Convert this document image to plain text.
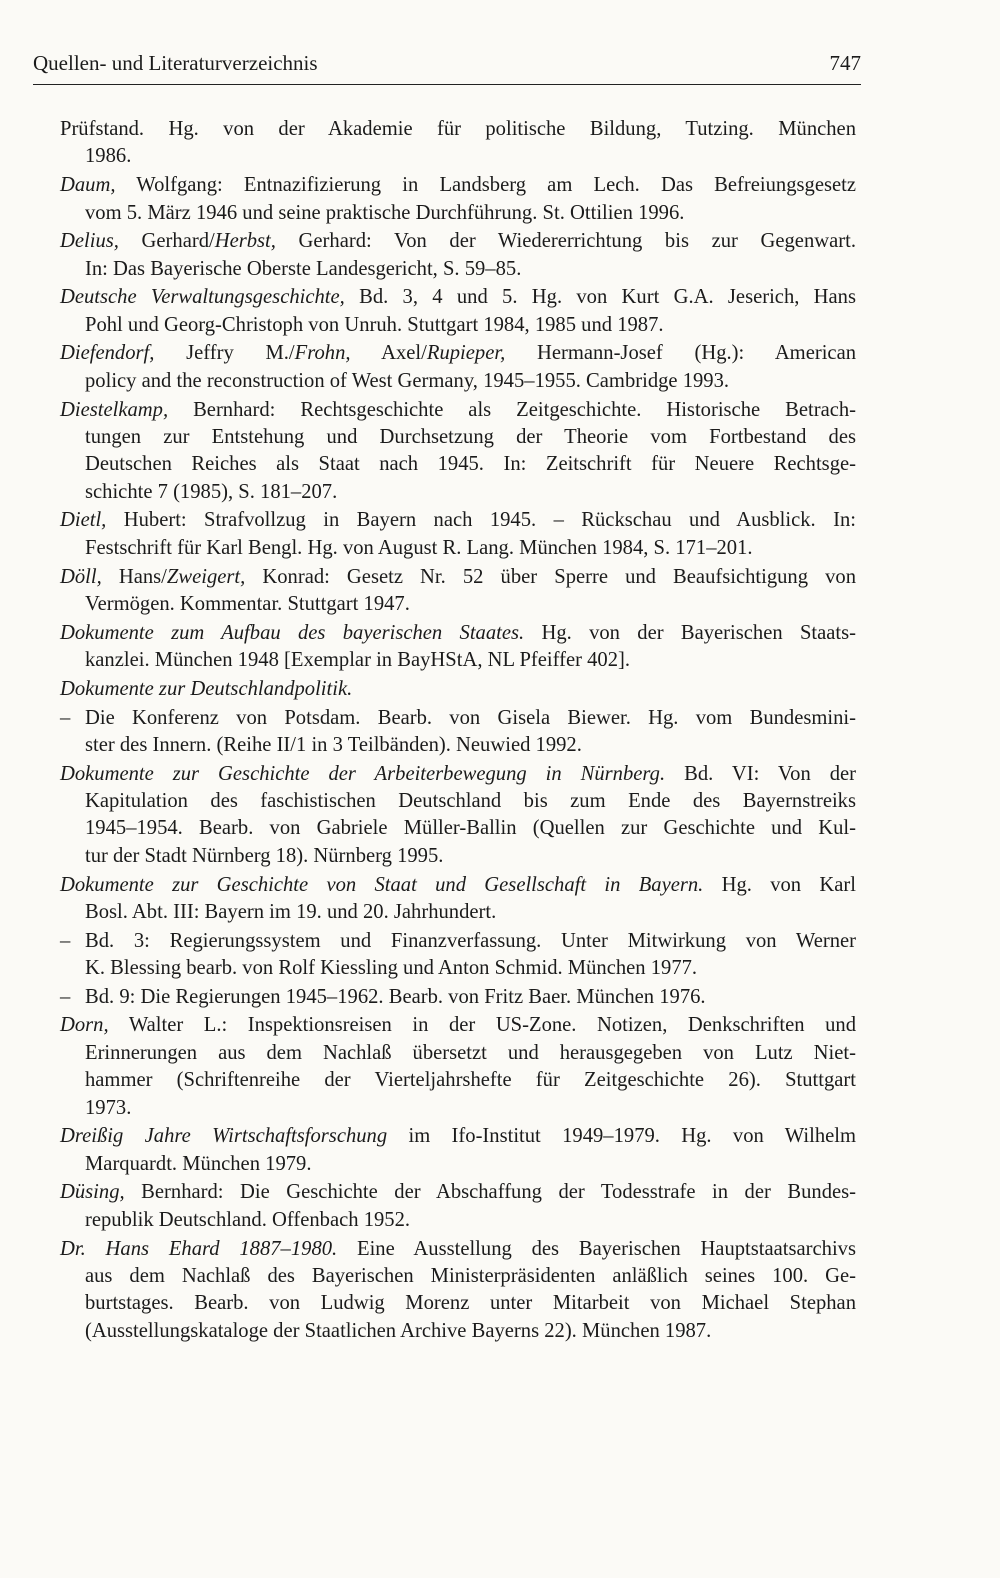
Quellen- und Literaturverzeichnis	747
Prüfstand. Hg. von der Akademie für politische Bildung, Tutzing. München
1986.
Daum, Wolfgang: Entnazifizierung in Landsberg am Lech. Das Befreiungsgesetz
vom 5. März 1946 und seine praktische Durchführung. St. Ottilien 1996.
Delius, Gerhard/Herbst, Gerhard: Von der Wiedererrichtung bis zur Gegenwart.
In: Das Bayerische Oberste Landesgericht, S. 59–85.
Deutsche Verwaltungsgeschichte, Bd. 3, 4 und 5. Hg. von Kurt G.A. Jeserich, Hans
Pohl und Georg-Christoph von Unruh. Stuttgart 1984, 1985 und 1987.
Diefendorf, Jeffry M./Frohn, Axel/Rupieper, Hermann-Josef (Hg.): American
policy and the reconstruction of West Germany, 1945–1955. Cambridge 1993.
Diestelkamp, Bernhard: Rechtsgeschichte als Zeitgeschichte. Historische Betrach-
tungen zur Entstehung und Durchsetzung der Theorie vom Fortbestand des
Deutschen Reiches als Staat nach 1945. In: Zeitschrift für Neuere Rechtsge-
schichte 7 (1985), S. 181–207.
Dietl, Hubert: Strafvollzug in Bayern nach 1945. – Rückschau und Ausblick. In:
Festschrift für Karl Bengl. Hg. von August R. Lang. München 1984, S. 171–201.
Döll, Hans/Zweigert, Konrad: Gesetz Nr. 52 über Sperre und Beaufsichtigung von
Vermögen. Kommentar. Stuttgart 1947.
Dokumente zum Aufbau des bayerischen Staates. Hg. von der Bayerischen Staats-
kanzlei. München 1948 [Exemplar in BayHStA, NL Pfeiffer 402].
Dokumente zur Deutschlandpolitik.
–Die Konferenz von Potsdam. Bearb. von Gisela Biewer. Hg. vom Bundesmini-
ster des Innern. (Reihe II/1 in 3 Teilbänden). Neuwied 1992.
Dokumente zur Geschichte der Arbeiterbewegung in Nürnberg. Bd. VI: Von der
Kapitulation des faschistischen Deutschland bis zum Ende des Bayernstreiks
1945–1954. Bearb. von Gabriele Müller-Ballin (Quellen zur Geschichte und Kul-
tur der Stadt Nürnberg 18). Nürnberg 1995.
Dokumente zur Geschichte von Staat und Gesellschaft in Bayern. Hg. von Karl
Bosl. Abt. III: Bayern im 19. und 20. Jahrhundert.
–Bd. 3: Regierungssystem und Finanzverfassung. Unter Mitwirkung von Werner
K. Blessing bearb. von Rolf Kiessling und Anton Schmid. München 1977.
–Bd. 9: Die Regierungen 1945–1962. Bearb. von Fritz Baer. München 1976.
Dorn, Walter L.: Inspektionsreisen in der US-Zone. Notizen, Denkschriften und
Erinnerungen aus dem Nachlaß übersetzt und herausgegeben von Lutz Niet-
hammer (Schriftenreihe der Vierteljahrshefte für Zeitgeschichte 26). Stuttgart
1973.
Dreißig Jahre Wirtschaftsforschung im Ifo-Institut 1949–1979. Hg. von Wilhelm
Marquardt. München 1979.
Düsing, Bernhard: Die Geschichte der Abschaffung der Todesstrafe in der Bundes-
republik Deutschland. Offenbach 1952.
Dr. Hans Ehard 1887–1980. Eine Ausstellung des Bayerischen Hauptstaatsarchivs
aus dem Nachlaß des Bayerischen Ministerpräsidenten anläßlich seines 100. Ge-
burtstages. Bearb. von Ludwig Morenz unter Mitarbeit von Michael Stephan
(Ausstellungskataloge der Staatlichen Archive Bayerns 22). München 1987.
